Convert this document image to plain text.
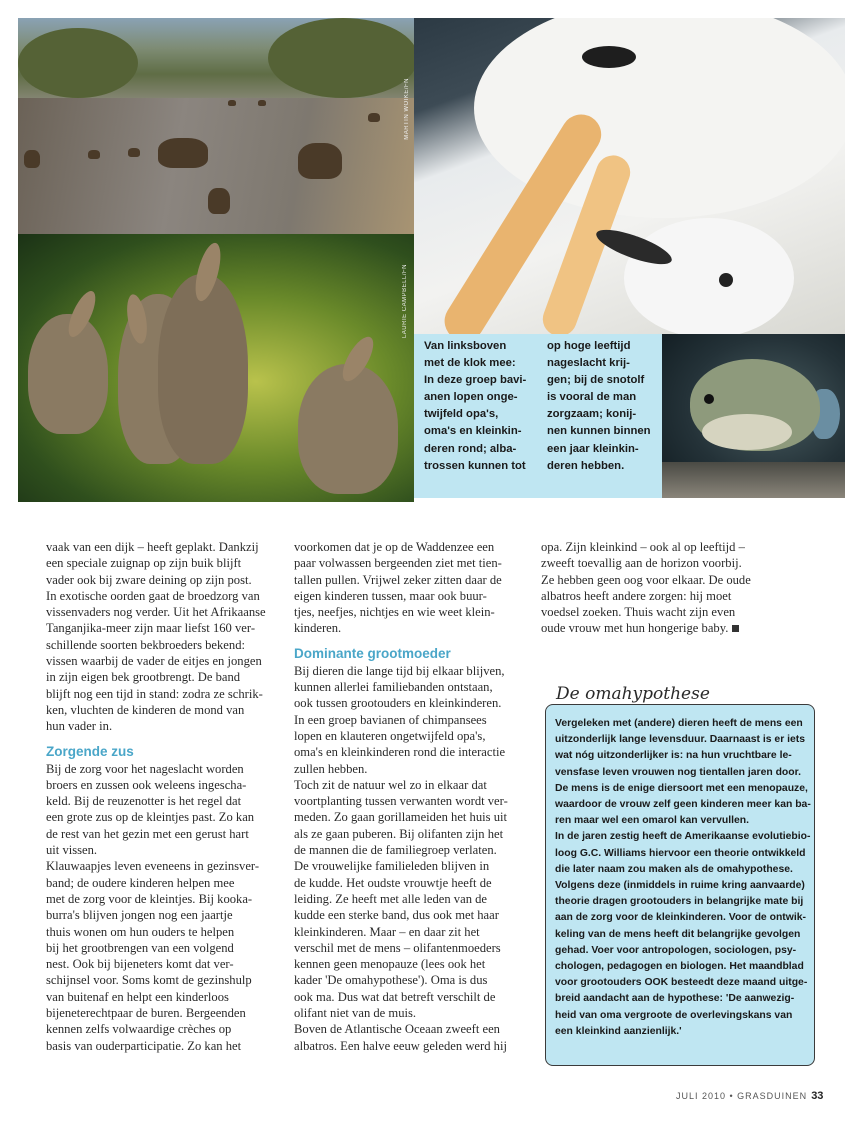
MARTIN WOIKE/FN
LAURIE CAMPBELL/FN
Van linksboven
met de klok mee:
In deze groep bavi-
anen lopen onge-
twijfeld opa's,
oma's en kleinkin-
deren rond; alba-
trossen kunnen tot
op hoge leeftijd
nageslacht krij-
gen; bij de snotolf
is vooral de man
zorgzaam; konij-
nen kunnen binnen
een jaar kleinkin-
deren hebben.
vaak van een dijk – heeft geplakt. Dankzij
een speciale zuignap op zijn buik blijft
vader ook bij zware deining op zijn post.
In exotische oorden gaat de broedzorg van
vissenvaders nog verder. Uit het Afrikaanse
Tanganjika-meer zijn maar liefst 160 ver-
schillende soorten bekbroeders bekend:
vissen waarbij de vader de eitjes en jongen
in zijn eigen bek grootbrengt. De band
blijft nog een tijd in stand: zodra ze schrik-
ken, vluchten de kinderen de mond van
hun vader in.
Zorgende zus
Bij de zorg voor het nageslacht worden
broers en zussen ook weleens ingescha-
keld. Bij de reuzenotter is het regel dat
een grote zus op de kleintjes past. Zo kan
de rest van het gezin met een gerust hart
uit vissen.
Klauwaapjes leven eveneens in gezinsver-
band; de oudere kinderen helpen mee
met de zorg voor de kleintjes. Bij kooka-
burra's blijven jongen nog een jaartje
thuis wonen om hun ouders te helpen
bij het grootbrengen van een volgend
nest. Ook bij bijeneters komt dat ver-
schijnsel voor. Soms komt de gezinshulp
van buitenaf en helpt een kinderloos
bijeneterechtpaar de buren. Bergeenden
kennen zelfs volwaardige crèches op
basis van ouderparticipatie. Zo kan het
voorkomen dat je op de Waddenzee een
paar volwassen bergeenden ziet met tien-
tallen pullen. Vrijwel zeker zitten daar de
eigen kinderen tussen, maar ook buur-
tjes, neefjes, nichtjes en wie weet klein-
kinderen.
Dominante grootmoeder
Bij dieren die lange tijd bij elkaar blijven,
kunnen allerlei familiebanden ontstaan,
ook tussen grootouders en kleinkinderen.
In een groep bavianen of chimpansees
lopen en klauteren ongetwijfeld opa's,
oma's en kleinkinderen rond die interactie
zullen hebben.
Toch zit de natuur wel zo in elkaar dat
voortplanting tussen verwanten wordt ver-
meden. Zo gaan gorillameiden het huis uit
als ze gaan puberen. Bij olifanten zijn het
de mannen die de familiegroep verlaten.
De vrouwelijke familieleden blijven in
de kudde. Het oudste vrouwtje heeft de
leiding. Ze heeft met alle leden van de
kudde een sterke band, dus ook met haar
kleinkinderen. Maar – en daar zit het
verschil met de mens – olifantenmoeders
kennen geen menopauze (lees ook het
kader 'De omahypothese'). Oma is dus
ook ma. Dus wat dat betreft verschilt de
olifant niet van de muis.
Boven de Atlantische Oceaan zweeft een
albatros. Een halve eeuw geleden werd hij
opa. Zijn kleinkind – ook al op leeftijd –
zweeft toevallig aan de horizon voorbij.
Ze hebben geen oog voor elkaar. De oude
albatros heeft andere zorgen: hij moet
voedsel zoeken. Thuis wacht zijn even
oude vrouw met hun hongerige baby.
De omahypothese
Vergeleken met (andere) dieren heeft de mens een
uitzonderlijk lange levensduur. Daarnaast is er iets
wat nóg uitzonderlijker is: na hun vruchtbare le-
vensfase leven vrouwen nog tientallen jaren door.
De mens is de enige diersoort met een menopauze,
waardoor de vrouw zelf geen kinderen meer kan ba-
ren maar wel een omarol kan vervullen.
In de jaren zestig heeft de Amerikaanse evolutiebio-
loog G.C. Williams hiervoor een theorie ontwikkeld
die later naam zou maken als de omahypothese.
Volgens deze (inmiddels in ruime kring aanvaarde)
theorie dragen grootouders in belangrijke mate bij
aan de zorg voor de kleinkinderen. Voor de ontwik-
keling van de mens heeft dit belangrijke gevolgen
gehad. Voer voor antropologen, sociologen, psy-
chologen, pedagogen en biologen. Het maandblad
voor grootouders OOK besteedt deze maand uitge-
breid aandacht aan de hypothese: 'De aanwezig-
heid van oma vergroote de overlevingskans van
een kleinkind aanzienlijk.'
JULI 2010 • GRASDUINEN 33
